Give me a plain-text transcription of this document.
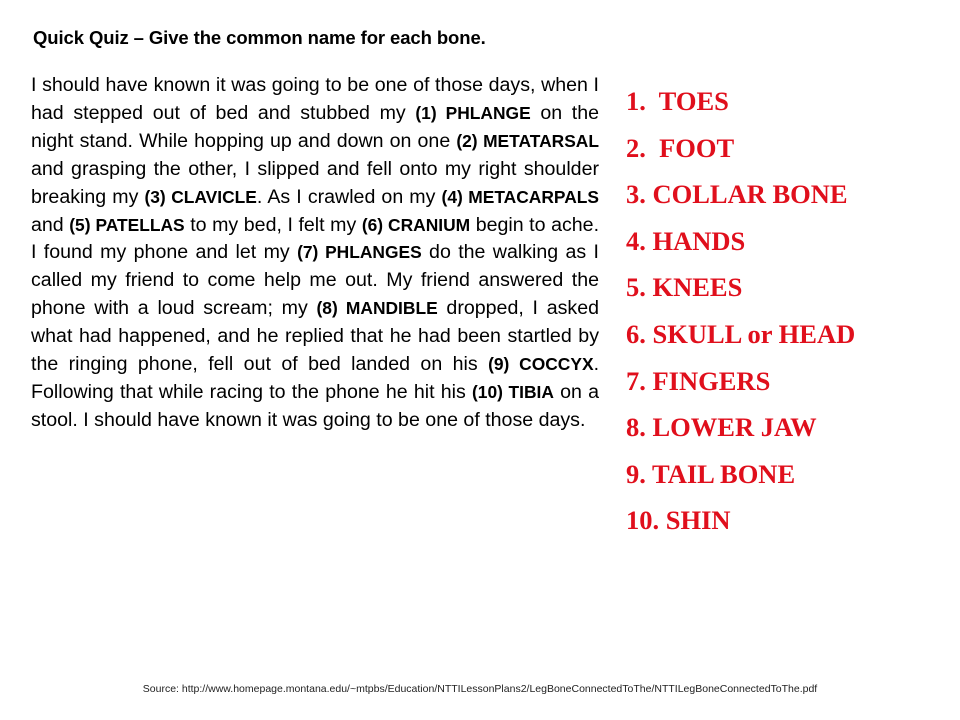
Quick Quiz – Give the common name for each bone.
I should have known it was going to be one of those days, when I had stepped out of bed and stubbed my (1) PHLANGE on the night stand. While hopping up and down on one (2) METATARSAL and grasping the other, I slipped and fell onto my right shoulder breaking my (3) CLAVICLE. As I crawled on my (4) METACARPALS and (5) PATELLAS to my bed, I felt my (6) CRANIUM begin to ache. I found my phone and let my (7) PHLANGES do the walking as I called my friend to come help me out. My friend answered the phone with a loud scream; my (8) MANDIBLE dropped, I asked what had happened, and he replied that he had been startled by the ringing phone, fell out of bed landed on his (9) COCCYX. Following that while racing to the phone he hit his (10) TIBIA on a stool. I should have known it was going to be one of those days.
1.  TOES
2.  FOOT
3. COLLAR BONE
4. HANDS
5. KNEES
6. SKULL or HEAD
7. FINGERS
8. LOWER JAW
9. TAIL BONE
10. SHIN
Source: http://www.homepage.montana.edu/~mtpbs/Education/NTTILessonPlans2/LegBoneConnectedToThe/NTTILegBoneConnectedToThe.pdf
